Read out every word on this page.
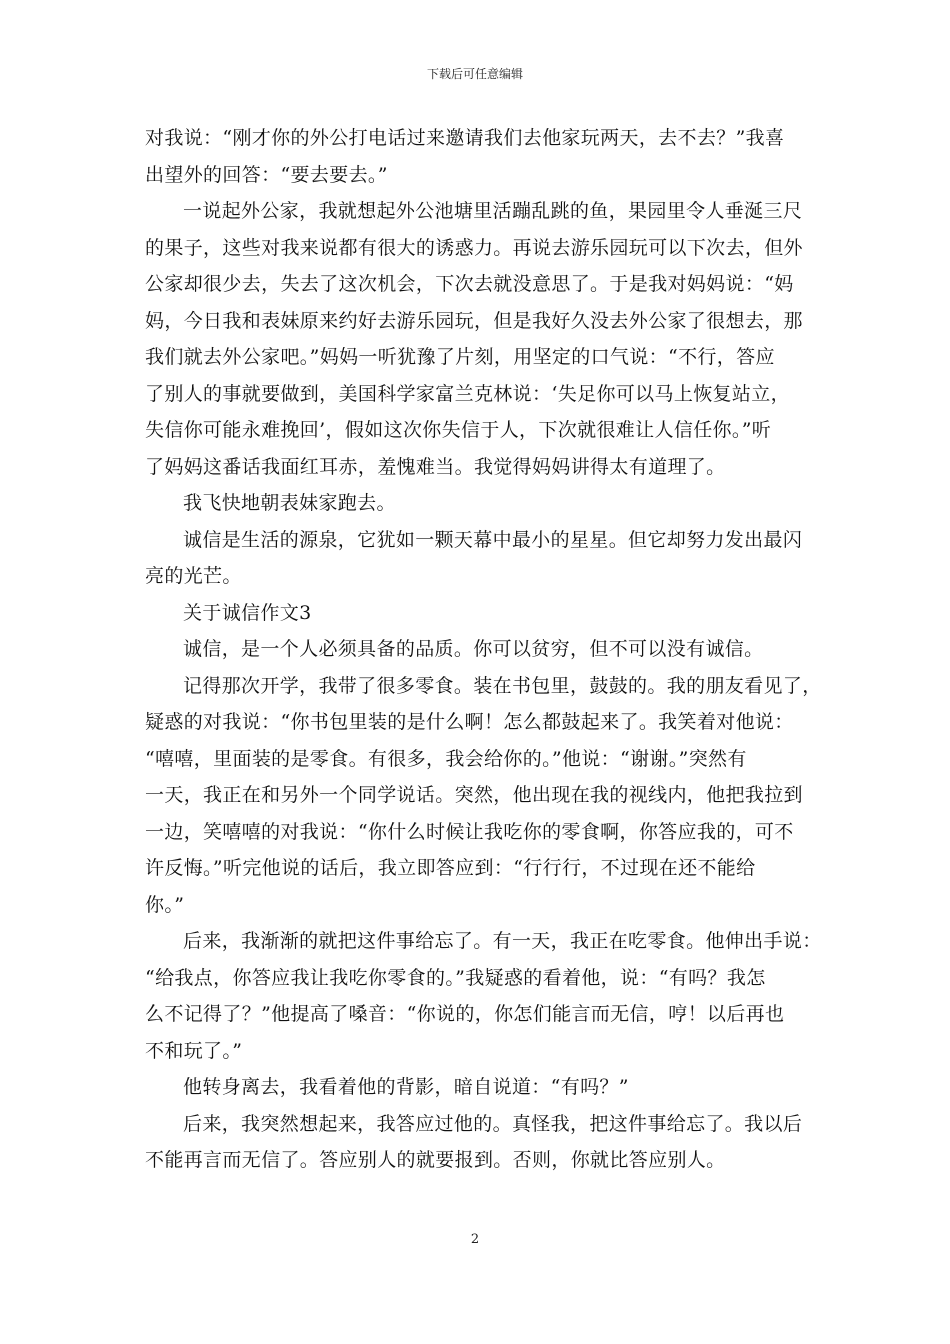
下载后可任意编辑
对我说：“刚才你的外公打电话过来邀请我们去他家玩两天，去不去？”我喜
出望外的回答：“要去要去。”
一说起外公家，我就想起外公池塘里活蹦乱跳的鱼，果园里令人垂涎三尺
的果子，这些对我来说都有很大的诱惑力。再说去游乐园玩可以下次去，但外
公家却很少去，失去了这次机会，下次去就没意思了。于是我对妈妈说：“妈
妈，今日我和表妹原来约好去游乐园玩，但是我好久没去外公家了很想去，那
我们就去外公家吧。”妈妈一听犹豫了片刻，用坚定的口气说：“不行，答应
了别人的事就要做到，美国科学家富兰克林说：‘失足你可以马上恢复站立，
失信你可能永难挽回’，假如这次你失信于人，下次就很难让人信任你。”听
了妈妈这番话我面红耳赤，羞愧难当。我觉得妈妈讲得太有道理了。
我飞快地朝表妹家跑去。
诚信是生活的源泉，它犹如一颗天幕中最小的星星。但它却努力发出最闪
亮的光芒。
关于诚信作文3
诚信，是一个人必须具备的品质。你可以贫穷，但不可以没有诚信。
记得那次开学，我带了很多零食。装在书包里，鼓鼓的。我的朋友看见了，
疑惑的对我说：“你书包里装的是什么啊！怎么都鼓起来了。我笑着对他说：
“嘻嘻，里面装的是零食。有很多，我会给你的。”他说：“谢谢。”突然有
一天，我正在和另外一个同学说话。突然，他出现在我的视线内，他把我拉到
一边，笑嘻嘻的对我说：“你什么时候让我吃你的零食啊，你答应我的，可不
许反悔。”听完他说的话后，我立即答应到：“行行行，不过现在还不能给
你。”
后来，我渐渐的就把这件事给忘了。有一天，我正在吃零食。他伸出手说：
“给我点，你答应我让我吃你零食的。”我疑惑的看着他，说：“有吗？我怎
么不记得了？”他提高了嗓音：“你说的，你怎们能言而无信，哼！以后再也
不和玩了。”
他转身离去，我看着他的背影，暗自说道：“有吗？”
后来，我突然想起来，我答应过他的。真怪我，把这件事给忘了。我以后
不能再言而无信了。答应别人的就要报到。否则，你就比答应别人。
2
